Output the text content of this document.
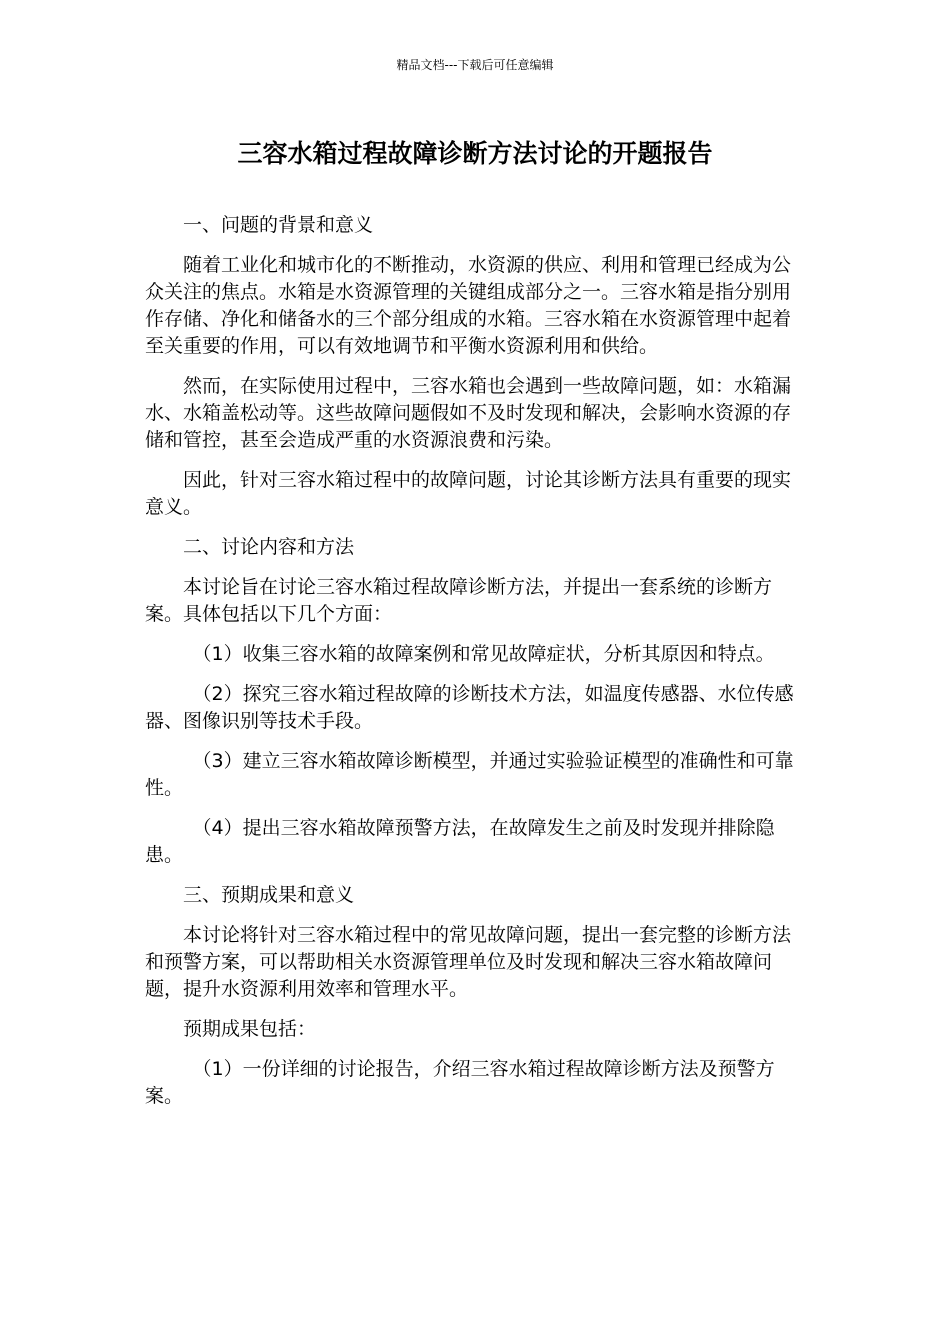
精品文档---下载后可任意编辑
三容水箱过程故障诊断方法讨论的开题报告

一、问题的背景和意义

随着工业化和城市化的不断推动，水资源的供应、利用和管理已经成为公众关注的焦点。水箱是水资源管理的关键组成部分之一。三容水箱是指分别用作存储、净化和储备水的三个部分组成的水箱。三容水箱在水资源管理中起着至关重要的作用，可以有效地调节和平衡水资源利用和供给。

然而，在实际使用过程中，三容水箱也会遇到一些故障问题，如：水箱漏水、水箱盖松动等。这些故障问题假如不及时发现和解决，会影响水资源的存储和管控，甚至会造成严重的水资源浪费和污染。

因此，针对三容水箱过程中的故障问题，讨论其诊断方法具有重要的现实意义。

二、讨论内容和方法

本讨论旨在讨论三容水箱过程故障诊断方法，并提出一套系统的诊断方案。具体包括以下几个方面：

（1）收集三容水箱的故障案例和常见故障症状，分析其原因和特点。

（2）探究三容水箱过程故障的诊断技术方法，如温度传感器、水位传感器、图像识别等技术手段。

（3）建立三容水箱故障诊断模型，并通过实验验证模型的准确性和可靠性。

（4）提出三容水箱故障预警方法，在故障发生之前及时发现并排除隐患。

三、预期成果和意义

本讨论将针对三容水箱过程中的常见故障问题，提出一套完整的诊断方法和预警方案，可以帮助相关水资源管理单位及时发现和解决三容水箱故障问题，提升水资源利用效率和管理水平。

预期成果包括：

（1）一份详细的讨论报告，介绍三容水箱过程故障诊断方法及预警方案。
